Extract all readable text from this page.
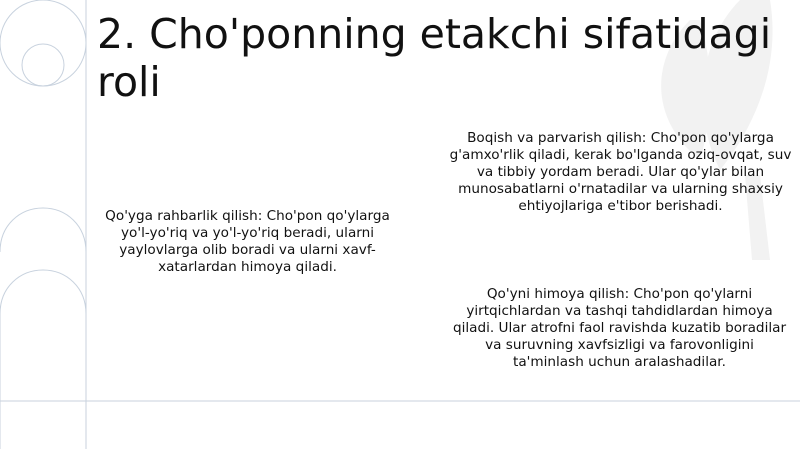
2. Cho'ponning etakchi sifatidagi roli
Boqish va parvarish qilish: Cho'pon qo'ylarga g'amxo'rlik qiladi, kerak bo'lganda oziq-ovqat, suv va tibbiy yordam beradi. Ular qo'ylar bilan munosabatlarni o'rnatadilar va ularning shaxsiy ehtiyojlariga e'tibor berishadi.
Qo'yga rahbarlik qilish: Cho'pon qo'ylarga yo'l-yo'riq va yo'l-yo'riq beradi, ularni yaylovlarga olib boradi va ularni xavf-xatarlardan himoya qiladi.
Qo'yni himoya qilish: Cho'pon qo'ylarni yirtqichlardan va tashqi tahdidlardan himoya qiladi. Ular atrofni faol ravishda kuzatib boradilar va suruvning xavfsizligi va farovonligini ta'minlash uchun aralashadilar.
